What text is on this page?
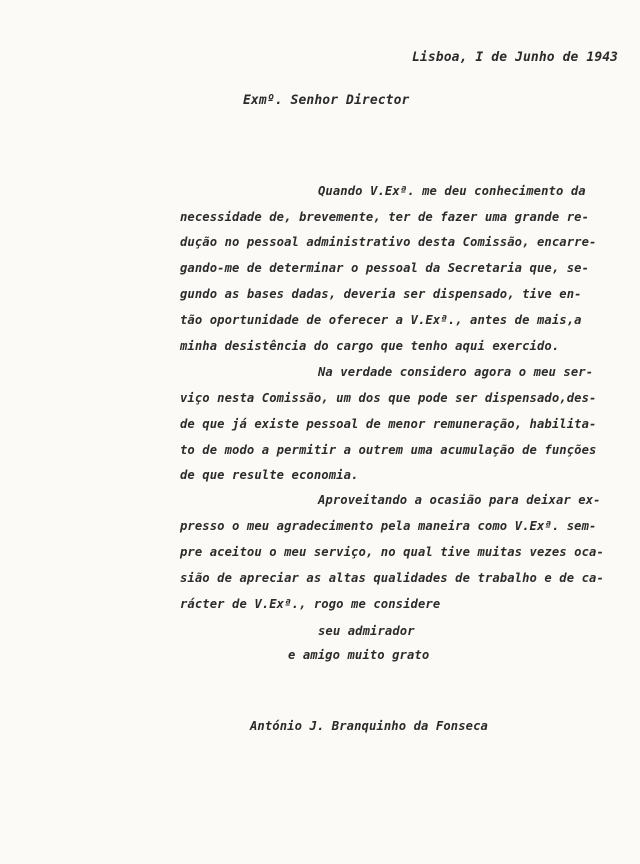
Lisboa, I de Junho de 1943
Exmº. Senhor Director
Quando V.Exª. me deu conhecimento da
necessidade de, brevemente, ter de fazer uma grande re-
dução no pessoal administrativo desta Comissão, encarre-
gando-me de determinar o pessoal da Secretaria que, se-
gundo as bases dadas, deveria ser dispensado, tive en-
tão oportunidade de oferecer a V.Exª., antes de mais,a
minha desistência do cargo que tenho aqui exercido.
Na verdade considero agora o meu ser-
viço nesta Comissão, um dos que pode ser dispensado,des-
de que já existe pessoal de menor remuneração, habilita-
to de modo a permitir a outrem uma acumulação de funções
de que resulte economia.
Aproveitando a ocasião para deixar ex-
presso o meu agradecimento pela maneira como V.Exª. sem-
pre aceitou o meu serviço, no qual tive muitas vezes oca-
sião de apreciar as altas qualidades de trabalho e de ca-
rácter de V.Exª., rogo me considere
seu admirador
e amigo muito grato
António J. Branquinho da Fonseca
